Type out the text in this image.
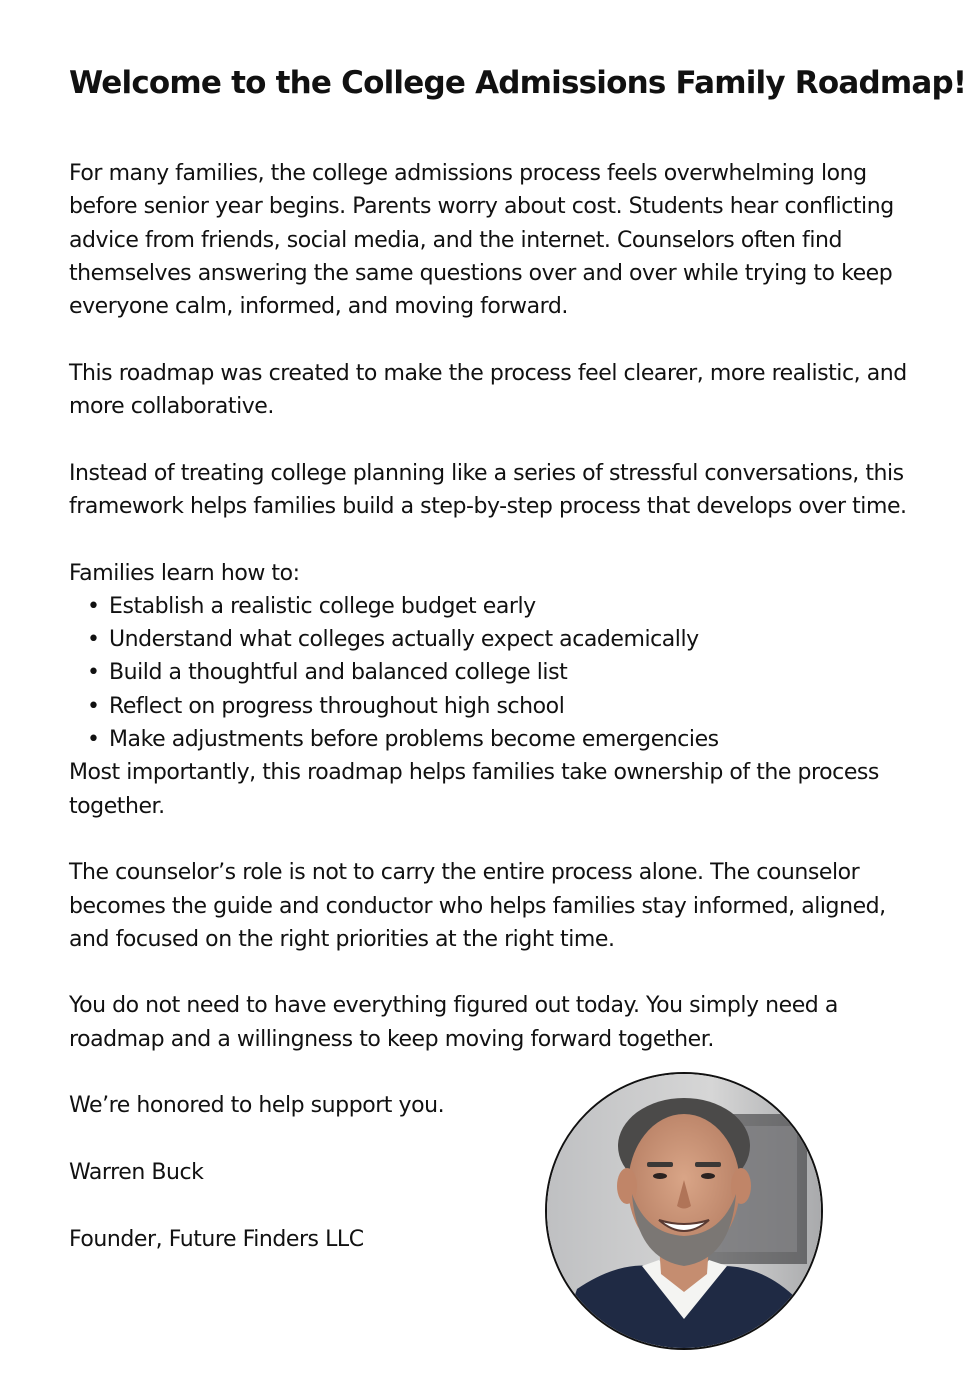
Welcome to the College Admissions Family Roadmap!

For many families, the college admissions process feels overwhelming long before senior year begins. Parents worry about cost. Students hear conflicting advice from friends, social media, and the internet. Counselors often find themselves answering the same questions over and over while trying to keep everyone calm, informed, and moving forward.

This roadmap was created to make the process feel clearer, more realistic, and more collaborative.

Instead of treating college planning like a series of stressful conversations, this framework helps families build a step-by-step process that develops over time.

Families learn how to:

• Establish a realistic college budget early
• Understand what colleges actually expect academically
• Build a thoughtful and balanced college list
• Reflect on progress throughout high school
• Make adjustments before problems become emergencies

Most importantly, this roadmap helps families take ownership of the process together.

The counselor’s role is not to carry the entire process alone. The counselor becomes the guide and conductor who helps families stay informed, aligned, and focused on the right priorities at the right time.

You do not need to have everything figured out today. You simply need a roadmap and a willingness to keep moving forward together.

We’re honored to help support you.

Warren Buck

Founder, Future Finders LLC
